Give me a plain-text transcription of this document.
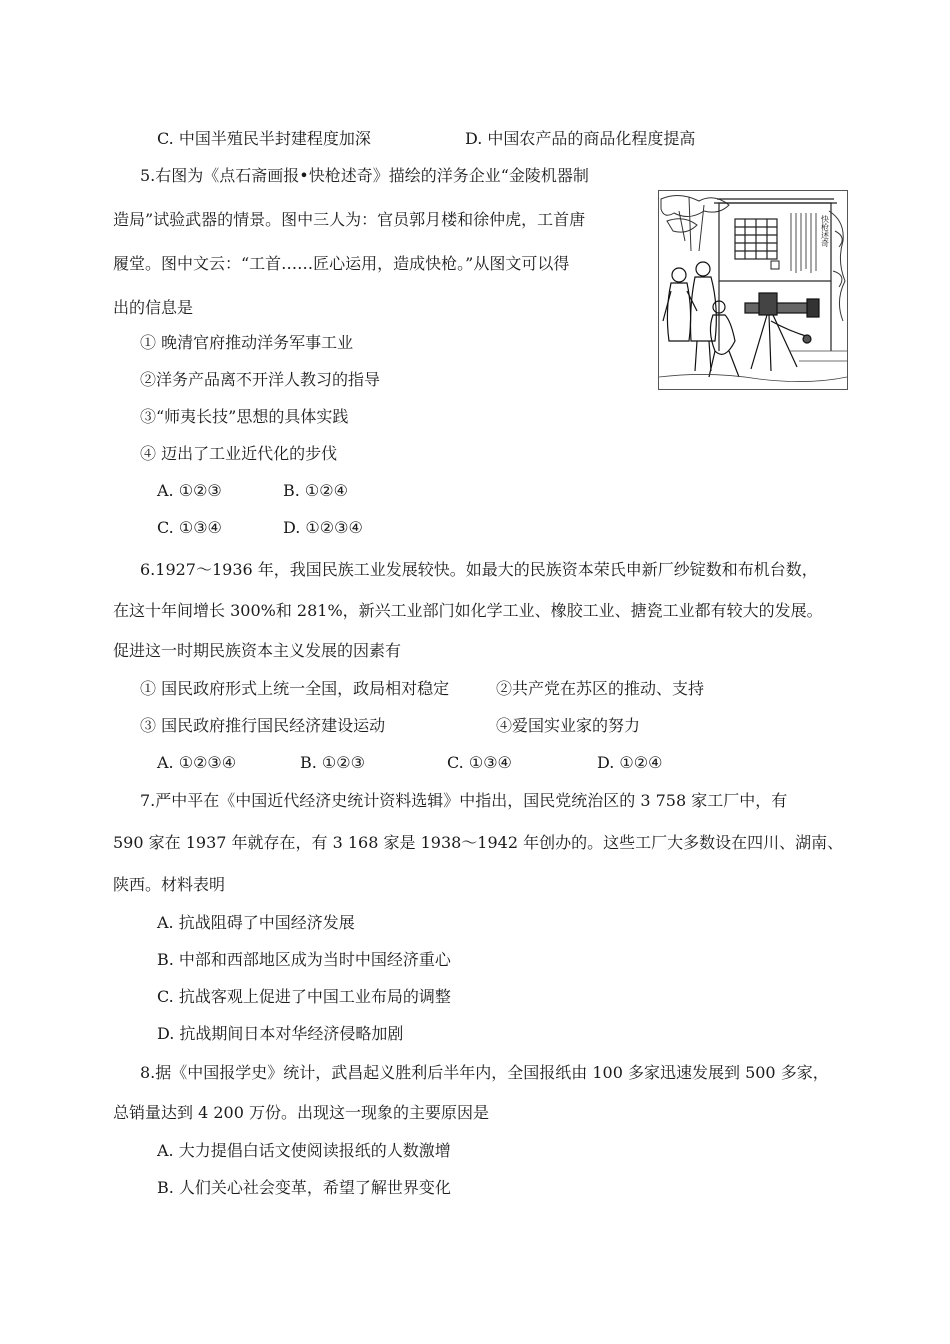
C. 中国半殖民半封建程度加深	D. 中国农产品的商品化程度提高
5.右图为《点石斋画报•快枪述奇》描绘的洋务企业“金陵机器制
造局”试验武器的情景。图中三人为：官员郭月楼和徐仲虎，工首唐
履堂。图中文云：“工首……匠心运用，造成快枪。”从图文可以得
出的信息是
快枪述奇
① 晚清官府推动洋务军事工业
②洋务产品离不开洋人教习的指导
③“师夷长技”思想的具体实践
④ 迈出了工业近代化的步伐
A. ①②③	B. ①②④
C. ①③④	D. ①②③④
6.1927～1936 年，我国民族工业发展较快。如最大的民族资本荣氏申新厂纱锭数和布机台数，
在这十年间增长 300%和 281%，新兴工业部门如化学工业、橡胶工业、搪瓷工业都有较大的发展。
促进这一时期民族资本主义发展的因素有
① 国民政府形式上统一全国，政局相对稳定	②共产党在苏区的推动、支持
③ 国民政府推行国民经济建设运动	④爱国实业家的努力
A. ①②③④	B. ①②③	C. ①③④	D. ①②④
7.严中平在《中国近代经济史统计资料选辑》中指出，国民党统治区的 3 758 家工厂中，有
590 家在 1937 年就存在，有 3 168 家是 1938～1942 年创办的。这些工厂大多数设在四川、湖南、
陕西。材料表明
A. 抗战阻碍了中国经济发展
B. 中部和西部地区成为当时中国经济重心
C. 抗战客观上促进了中国工业布局的调整
D. 抗战期间日本对华经济侵略加剧
8.据《中国报学史》统计，武昌起义胜利后半年内，全国报纸由 100 多家迅速发展到 500 多家，
总销量达到 4 200 万份。出现这一现象的主要原因是
A. 大力提倡白话文使阅读报纸的人数激增
B. 人们关心社会变革，希望了解世界变化
